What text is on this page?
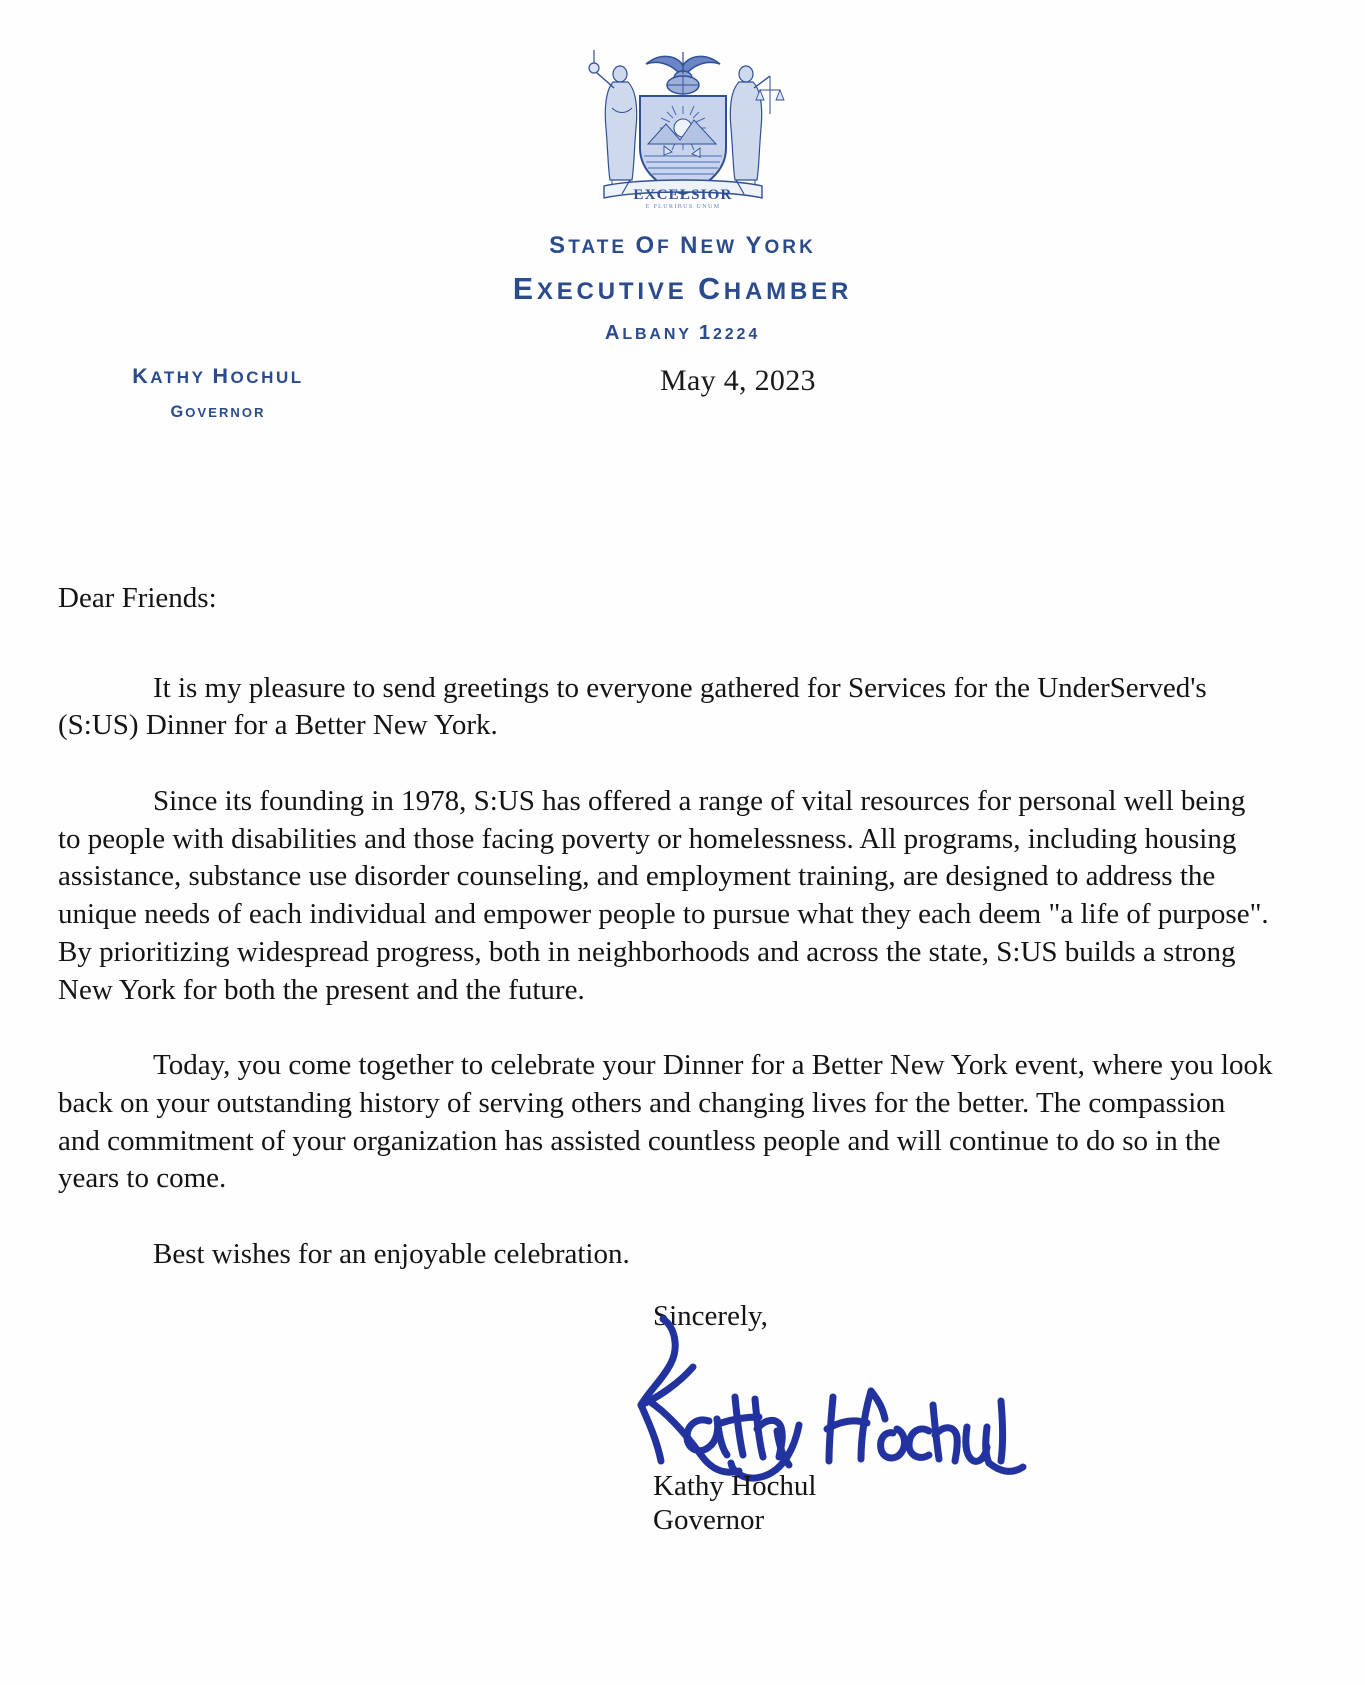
EXCELSIOR
E PLURIBUS UNUM
STATE OF NEW YORK
EXECUTIVE CHAMBER
ALBANY 12224
KATHY HOCHUL
GOVERNOR
May 4, 2023

Dear Friends:

It is my pleasure to send greetings to everyone gathered for Services for the UnderServed's (S:US) Dinner for a Better New York.

Since its founding in 1978, S:US has offered a range of vital resources for personal well being to people with disabilities and those facing poverty or homelessness. All programs, including housing assistance, substance use disorder counseling, and employment training, are designed to address the unique needs of each individual and empower people to pursue what they each deem "a life of purpose". By prioritizing widespread progress, both in neighborhoods and across the state, S:US builds a strong New York for both the present and the future.

Today, you come together to celebrate your Dinner for a Better New York event, where you look back on your outstanding history of serving others and changing lives for the better. The compassion and commitment of your organization has assisted countless people and will continue to do so in the years to come.

Best wishes for an enjoyable celebration.

Sincerely,

Kathy Hochul
Governor
